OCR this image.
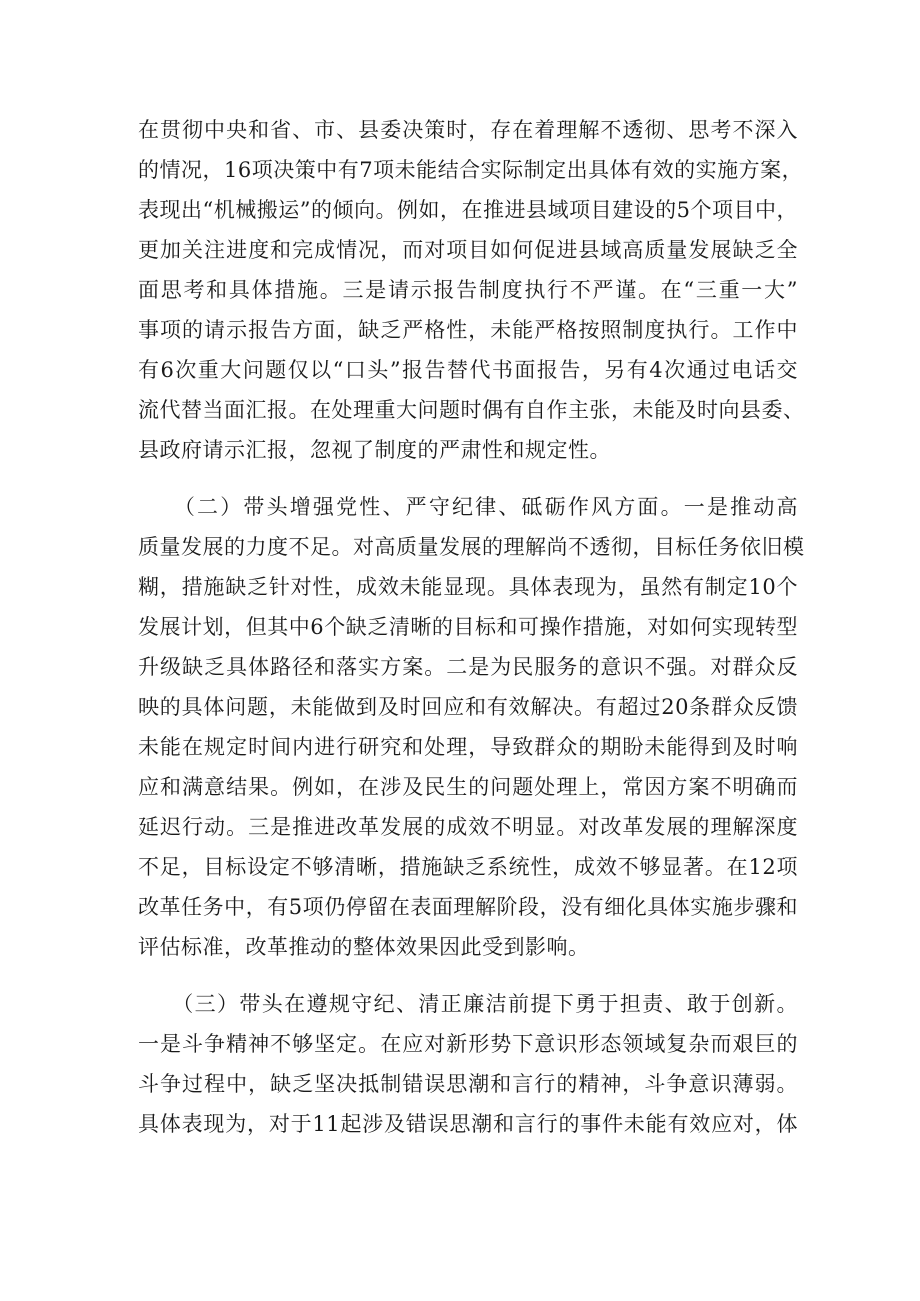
在贯彻中央和省、市、县委决策时，存在着理解不透彻、思考不深入
的情况，16项决策中有7项未能结合实际制定出具体有效的实施方案，
表现出“机械搬运”的倾向。例如，在推进县域项目建设的5个项目中，
更加关注进度和完成情况，而对项目如何促进县域高质量发展缺乏全
面思考和具体措施。三是请示报告制度执行不严谨。在“三重一大”
事项的请示报告方面，缺乏严格性，未能严格按照制度执行。工作中
有6次重大问题仅以“口头”报告替代书面报告，另有4次通过电话交
流代替当面汇报。在处理重大问题时偶有自作主张，未能及时向县委、
县政府请示汇报，忽视了制度的严肃性和规定性。
　　（二）带头增强党性、严守纪律、砥砺作风方面。一是推动高
质量发展的力度不足。对高质量发展的理解尚不透彻，目标任务依旧模
糊，措施缺乏针对性，成效未能显现。具体表现为，虽然有制定10个
发展计划，但其中6个缺乏清晰的目标和可操作措施，对如何实现转型
升级缺乏具体路径和落实方案。二是为民服务的意识不强。对群众反
映的具体问题，未能做到及时回应和有效解决。有超过20条群众反馈
未能在规定时间内进行研究和处理，导致群众的期盼未能得到及时响
应和满意结果。例如，在涉及民生的问题处理上，常因方案不明确而
延迟行动。三是推进改革发展的成效不明显。对改革发展的理解深度
不足，目标设定不够清晰，措施缺乏系统性，成效不够显著。在12项
改革任务中，有5项仍停留在表面理解阶段，没有细化具体实施步骤和
评估标准，改革推动的整体效果因此受到影响。
　　（三）带头在遵规守纪、清正廉洁前提下勇于担责、敢于创新。
一是斗争精神不够坚定。在应对新形势下意识形态领域复杂而艰巨的
斗争过程中，缺乏坚决抵制错误思潮和言行的精神，斗争意识薄弱。
具体表现为，对于11起涉及错误思潮和言行的事件未能有效应对，体
